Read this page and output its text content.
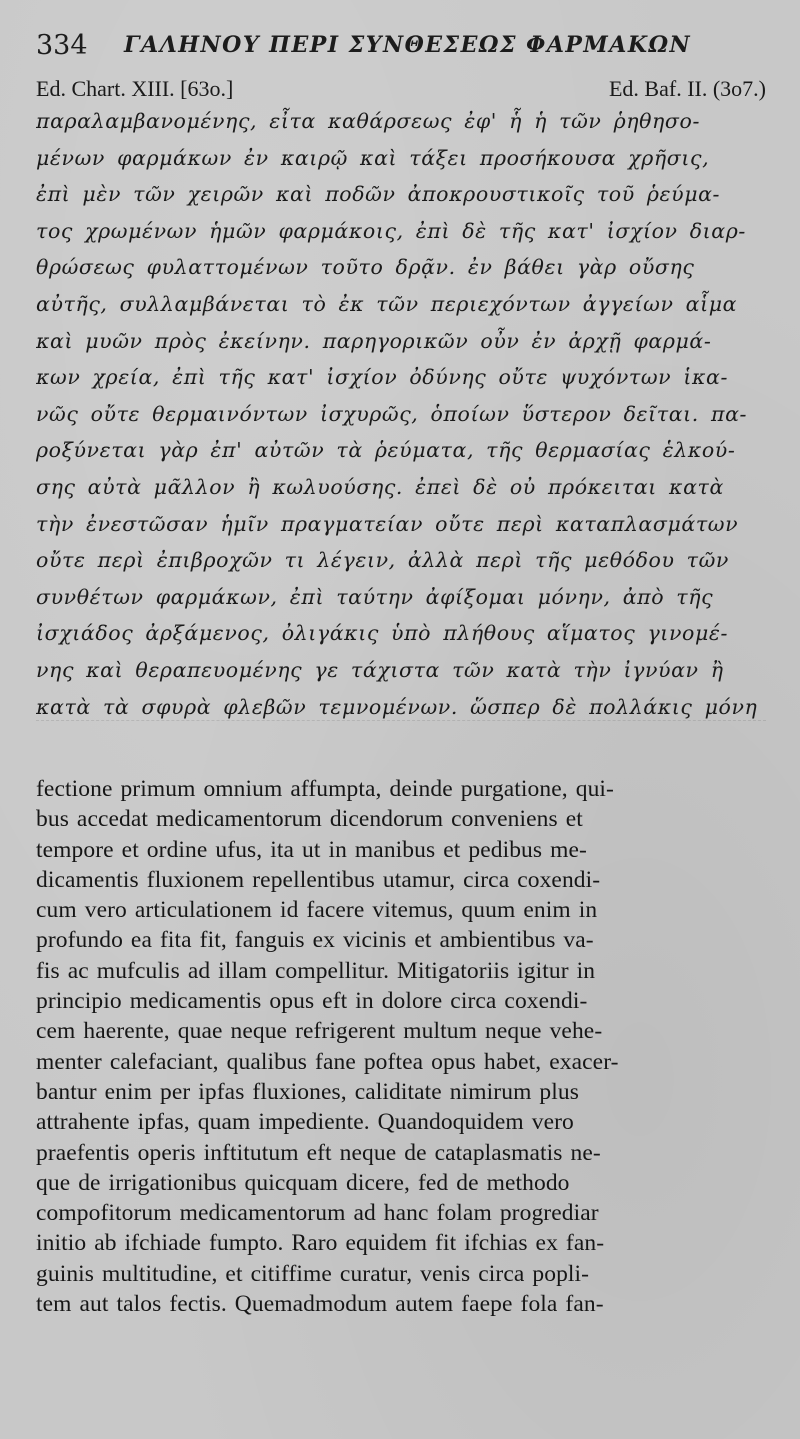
334 ΓΑΛΗΝΟΥ ΠΕΡΙ ΣΥΝΘΕΣΕΩΣ ΦΑΡΜΑΚΩΝ
Ed. Chart. XIII. [63o.]	Ed. Baf. II. (3o7.)
παραλαμβανομένης, εἶτα καθάρσεως ἐφ' ἧ ἡ τῶν ῥηθησο-
μένων φαρμάκων ἐν καιρῷ καὶ τάξει προσήκουσα χρῆσις,
ἐπὶ μὲν τῶν χειρῶν καὶ ποδῶν ἀποκρουστικοῖς τοῦ ῥεύμα-
τος χρωμένων ἡμῶν φαρμάκοις, ἐπὶ δὲ τῆς κατ' ἰσχίον διαρ-
θρώσεως φυλαττομένων τοῦτο δρᾷν. ἐν βάθει γὰρ οὔσης
αὐτῆς, συλλαμβάνεται τὸ ἐκ τῶν περιεχόντων ἀγγείων αἷμα
καὶ μυῶν πρὸς ἐκείνην. παρηγορικῶν οὖν ἐν ἀρχῇ φαρμά-
κων χρεία, ἐπὶ τῆς κατ' ἰσχίον ὀδύνης οὔτε ψυχόντων ἱκα-
νῶς οὔτε θερμαινόντων ἰσχυρῶς, ὁποίων ὕστερον δεῖται. πα-
ροξύνεται γὰρ ἐπ' αὐτῶν τὰ ῥεύματα, τῆς θερμασίας ἑλκού-
σης αὐτὰ μᾶλλον ἢ κωλυούσης. ἐπεὶ δὲ οὐ πρόκειται κατὰ
τὴν ἐνεστῶσαν ἡμῖν πραγματείαν οὔτε περὶ καταπλασμάτων
οὔτε περὶ ἐπιβροχῶν τι λέγειν, ἀλλὰ περὶ τῆς μεθόδου τῶν
συνθέτων φαρμάκων, ἐπὶ ταύτην ἀφίξομαι μόνην, ἀπὸ τῆς
ἰσχιάδος ἀρξάμενος, ὀλιγάκις ὑπὸ πλήθους αἵματος γινομέ-
νης καὶ θεραπευομένης γε τάχιστα τῶν κατὰ τὴν ἰγνύαν ἢ
κατὰ τὰ σφυρὰ φλεβῶν τεμνομένων. ὥσπερ δὲ πολλάκις μόνη
fectione primum omnium affumpta, deinde purgatione, qui-
bus accedat medicamentorum dicendorum conveniens et
tempore et ordine ufus, ita ut in manibus et pedibus me-
dicamentis fluxionem repellentibus utamur, circa coxendi-
cum vero articulationem id facere vitemus, quum enim in
profundo ea fita fit, fanguis ex vicinis et ambientibus va-
fis ac mufculis ad illam compellitur. Mitigatoriis igitur in
principio medicamentis opus eft in dolore circa coxendi-
cem haerente, quae neque refrigerent multum neque vehe-
menter calefaciant, qualibus fane poftea opus habet, exacer-
bantur enim per ipfas fluxiones, caliditate nimirum plus
attrahente ipfas, quam impediente. Quandoquidem vero
praefentis operis inftitutum eft neque de cataplasmatis ne-
que de irrigationibus quicquam dicere, fed de methodo
compofitorum medicamentorum ad hanc folam progrediar
initio ab ifchiade fumpto. Raro equidem fit ifchias ex fan-
guinis multitudine, et citiffime curatur, venis circa popli-
tem aut talos fectis. Quemadmodum autem faepe fola fan-
